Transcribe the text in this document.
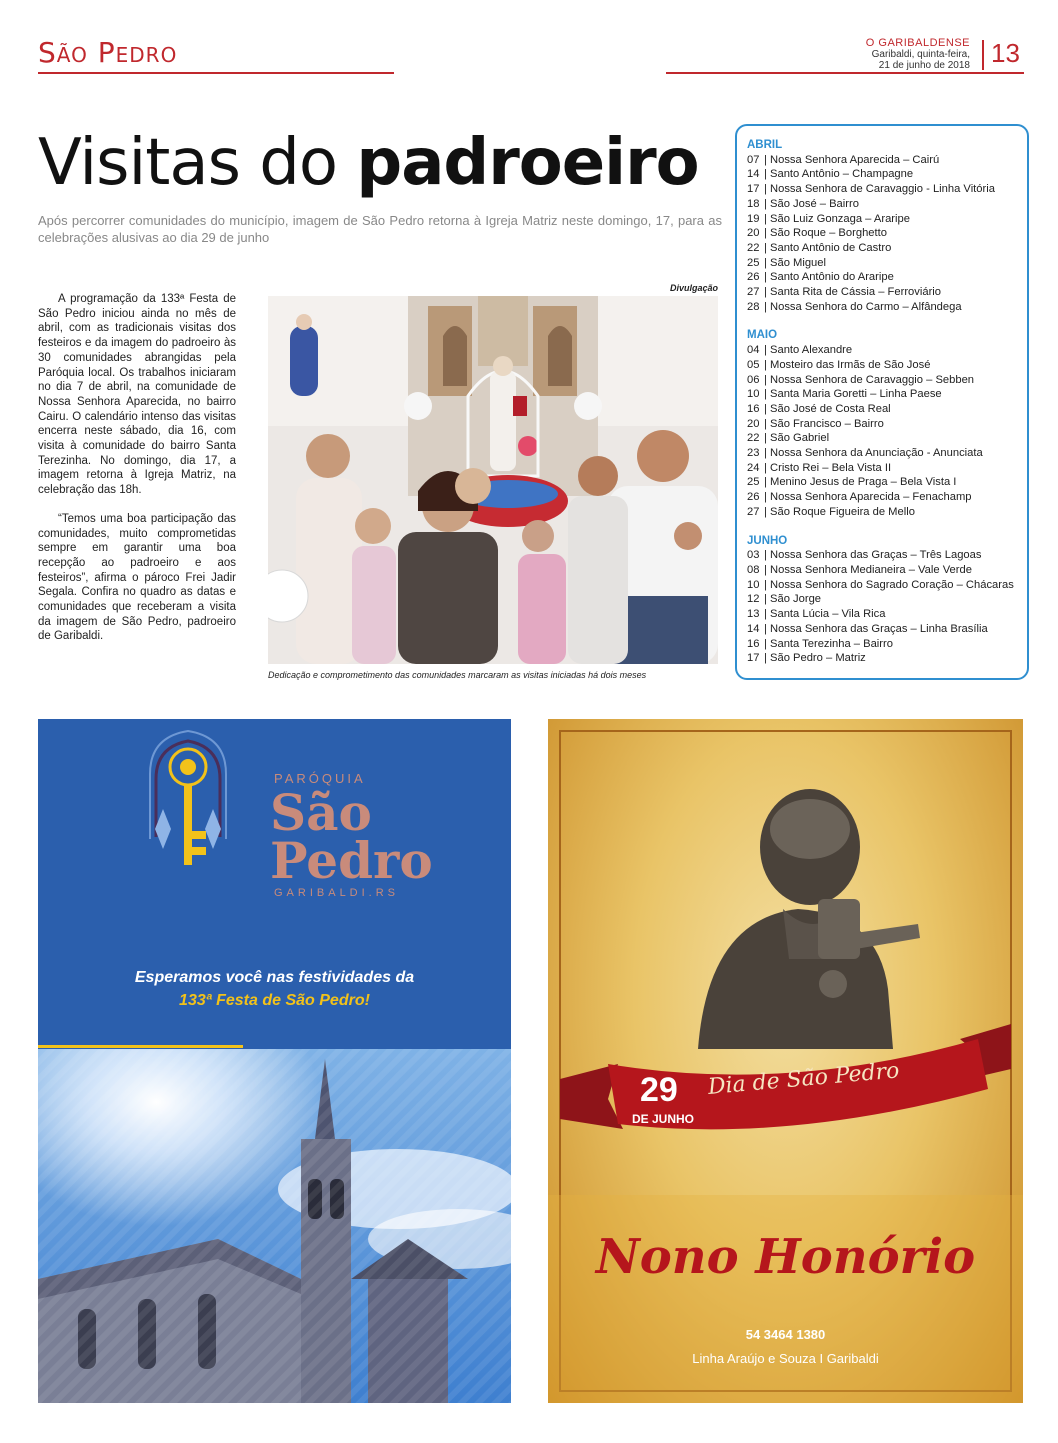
São Pedro	O GARIBALDENSE
Garibaldi, quinta-feira,
21 de junho de 2018 13
Visitas do padroeiro
Após percorrer comunidades do município, imagem de São Pedro retorna à Igreja Matriz neste domingo, 17, para as celebrações alusivas ao dia 29 de junho

A programação da 133ª Festa de São Pedro iniciou ainda no mês de abril, com as tradicionais visitas dos festeiros e da imagem do padroeiro às 30 comunidades abrangidas pela Paróquia local. Os trabalhos iniciaram no dia 7 de abril, na comunidade de Nossa Senhora Aparecida, no bairro Cairu. O calendário intenso das visitas encerra neste sábado, dia 16, com visita à comunidade do bairro Santa Terezinha. No domingo, dia 17, a imagem retorna à Igreja Matriz, na celebração das 18h.

“Temos uma boa participação das comunidades, muito comprometidas sempre em garantir uma boa recepção ao padroeiro e aos festeiros”, afirma o pároco Frei Jadir Segala. Confira no quadro as datas e comunidades que receberam a visita da imagem de São Pedro, padroeiro de Garibaldi.

Divulgação
Dedicação e comprometimento das comunidades marcaram as visitas iniciadas há dois meses
ABRIL
07 | Nossa Senhora Aparecida – Cairú
14 | Santo Antônio – Champagne
17 | Nossa Senhora de Caravaggio - Linha Vitória
18 | São José – Bairro
19 | São Luiz Gonzaga – Araripe
20 | São Roque – Borghetto
22 | Santo Antônio de Castro
25 | São Miguel
26 | Santo Antônio do Araripe
27 | Santa Rita de Cássia – Ferroviário
28 | Nossa Senhora do Carmo – Alfândega
MAIO
04 | Santo Alexandre
05 | Mosteiro das Irmãs de São José
06 | Nossa Senhora de Caravaggio – Sebben
10 | Santa Maria Goretti – Linha Paese
16 | São José de Costa Real
20 | São Francisco – Bairro
22 | São Gabriel
23 | Nossa Senhora da Anunciação - Anunciata
24 | Cristo Rei – Bela Vista II
25 | Menino Jesus de Praga – Bela Vista I
26 | Nossa Senhora Aparecida – Fenachamp
27 | São Roque Figueira de Mello
JUNHO
03 | Nossa Senhora das Graças – Três Lagoas
08 | Nossa Senhora Medianeira – Vale Verde
10 | Nossa Senhora do Sagrado Coração – Chácaras
12 | São Jorge
13 | Santa Lúcia – Vila Rica
14 | Nossa Senhora das Graças – Linha Brasília
16 | Santa Terezinha – Bairro
17 | São Pedro – Matriz
PARÓQUIA
São
Pedro
GARIBALDI.RS
Esperamos você nas festividades da
133ª Festa de São Pedro!
29
DE JUNHO
Dia de São Pedro
Nono Honório
54 3464 1380
Linha Araújo e Souza I Garibaldi
